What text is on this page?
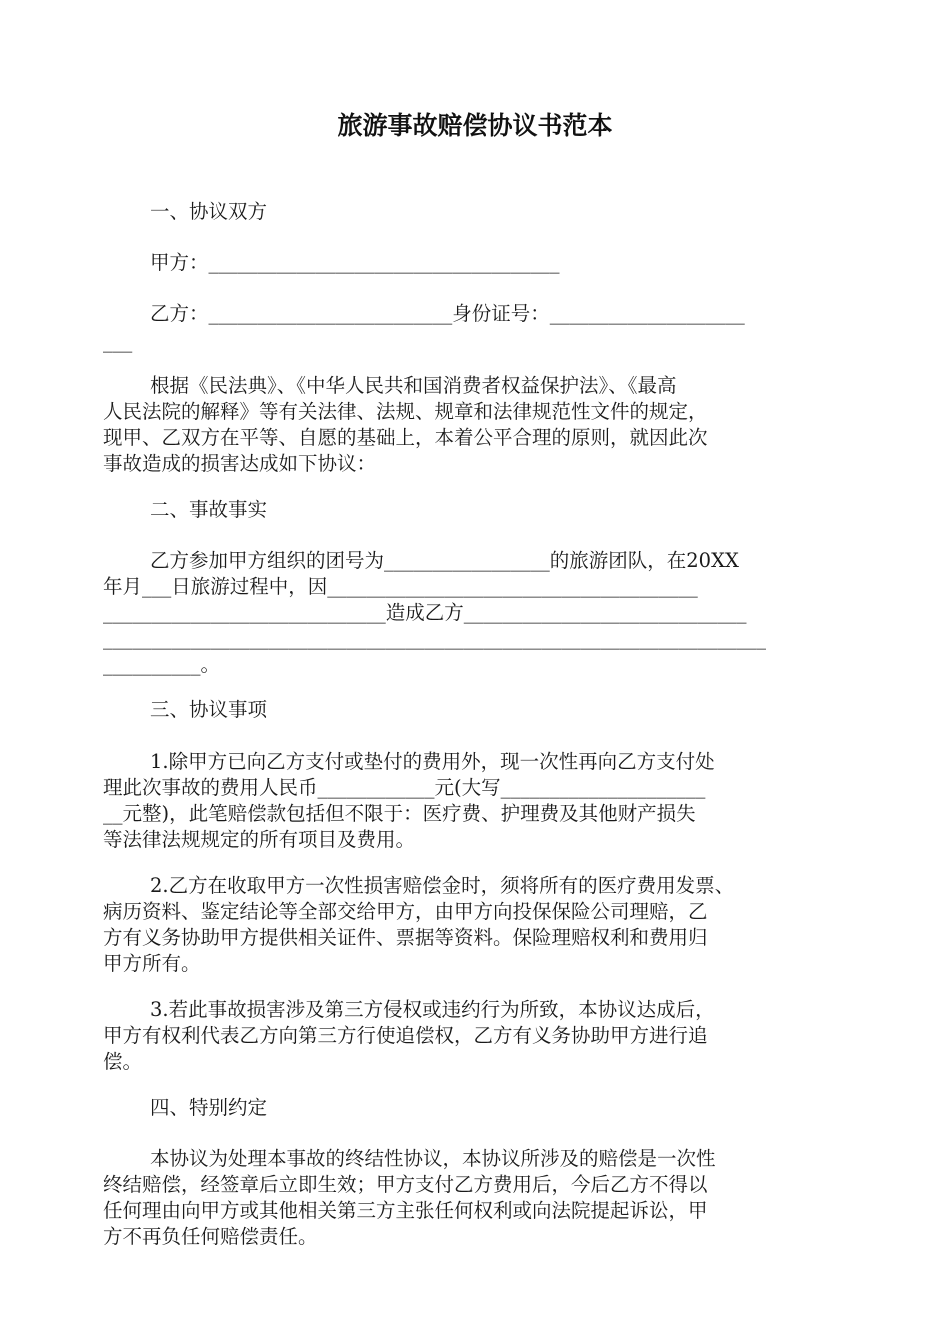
旅游事故赔偿协议书范本
一、协议双方
甲方：____________________________________
乙方：_________________________身份证号：____________________
___
根据《民法典》、《中华人民共和国消费者权益保护法》、《最高
人民法院的解释》等有关法律、法规、规章和法律规范性文件的规定，
现甲、乙双方在平等、自愿的基础上，本着公平合理的原则，就因此次
事故造成的损害达成如下协议：
二、事故事实
乙方参加甲方组织的团号为_________________的旅游团队，在20XX
年月___日旅游过程中，因______________________________________
_____________________________造成乙方_____________________________
____________________________________________________________________
__________。
三、协议事项
1.除甲方已向乙方支付或垫付的费用外，现一次性再向乙方支付处
理此次事故的费用人民币____________元(大写_____________________
__元整)，此笔赔偿款包括但不限于：医疗费、护理费及其他财产损失
等法律法规规定的所有项目及费用。
2.乙方在收取甲方一次性损害赔偿金时，须将所有的医疗费用发票、
病历资料、鉴定结论等全部交给甲方，由甲方向投保保险公司理赔，乙
方有义务协助甲方提供相关证件、票据等资料。保险理赔权利和费用归
甲方所有。
3.若此事故损害涉及第三方侵权或违约行为所致，本协议达成后，
甲方有权利代表乙方向第三方行使追偿权，乙方有义务协助甲方进行追
偿。
四、特别约定
本协议为处理本事故的终结性协议，本协议所涉及的赔偿是一次性
终结赔偿，经签章后立即生效；甲方支付乙方费用后，今后乙方不得以
任何理由向甲方或其他相关第三方主张任何权利或向法院提起诉讼，甲
方不再负任何赔偿责任。
